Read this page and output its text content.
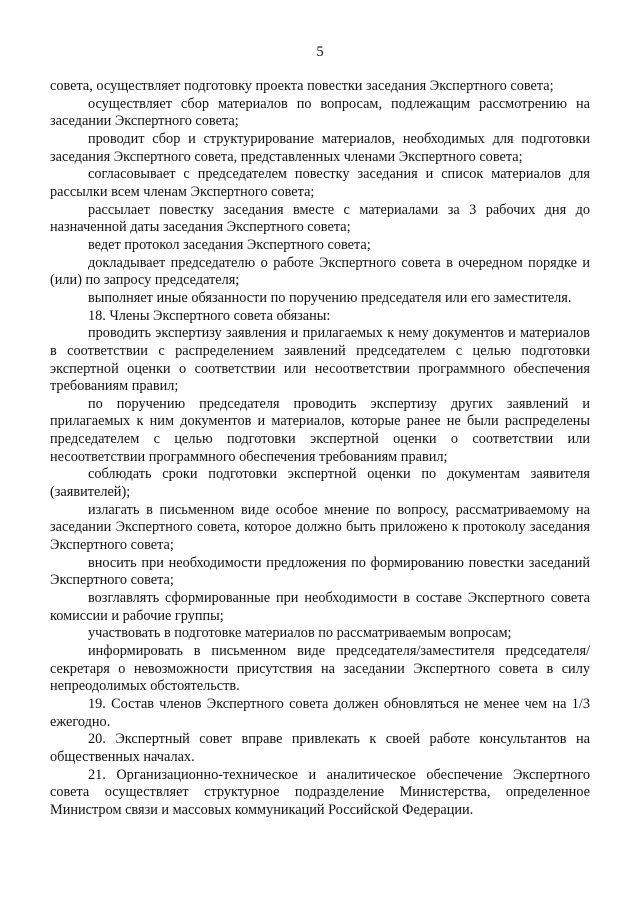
5

совета, осуществляет подготовку проекта повестки заседания Экспертного совета;

осуществляет сбор материалов по вопросам, подлежащим рассмотрению на заседании Экспертного совета;

проводит сбор и структурирование материалов, необходимых для подготовки заседания Экспертного совета, представленных членами Экспертного совета;

согласовывает с председателем повестку заседания и список материалов для рассылки всем членам Экспертного совета;

рассылает повестку заседания вместе с материалами за 3 рабочих дня до назначенной даты заседания Экспертного совета;

ведет протокол заседания Экспертного совета;

докладывает председателю о работе Экспертного совета в очередном порядке и (или) по запросу председателя;

выполняет иные обязанности по поручению председателя или его заместителя.

18. Члены Экспертного совета обязаны:

проводить экспертизу заявления и прилагаемых к нему документов и материалов в соответствии с распределением заявлений председателем с целью подготовки экспертной оценки о соответствии или несоответствии программного обеспечения требованиям правил;

по поручению председателя проводить экспертизу других заявлений и прилагаемых к ним документов и материалов, которые ранее не были распределены председателем с целью подготовки экспертной оценки о соответствии или несоответствии программного обеспечения требованиям правил;

соблюдать сроки подготовки экспертной оценки по документам заявителя (заявителей);

излагать в письменном виде особое мнение по вопросу, рассматриваемому на заседании Экспертного совета, которое должно быть приложено к протоколу заседания Экспертного совета;

вносить при необходимости предложения по формированию повестки заседаний Экспертного совета;

возглавлять сформированные при необходимости в составе Экспертного совета комиссии и рабочие группы;

участвовать в подготовке материалов по рассматриваемым вопросам;

информировать в письменном виде председателя/заместителя председателя/ секретаря о невозможности присутствия на заседании Экспертного совета в силу непреодолимых обстоятельств.

19. Состав членов Экспертного совета должен обновляться не менее чем на 1/3 ежегодно.

20. Экспертный совет вправе привлекать к своей работе консультантов на общественных началах.

21. Организационно-техническое и аналитическое обеспечение Экспертного совета осуществляет структурное подразделение Министерства, определенное Министром связи и массовых коммуникаций Российской Федерации.
